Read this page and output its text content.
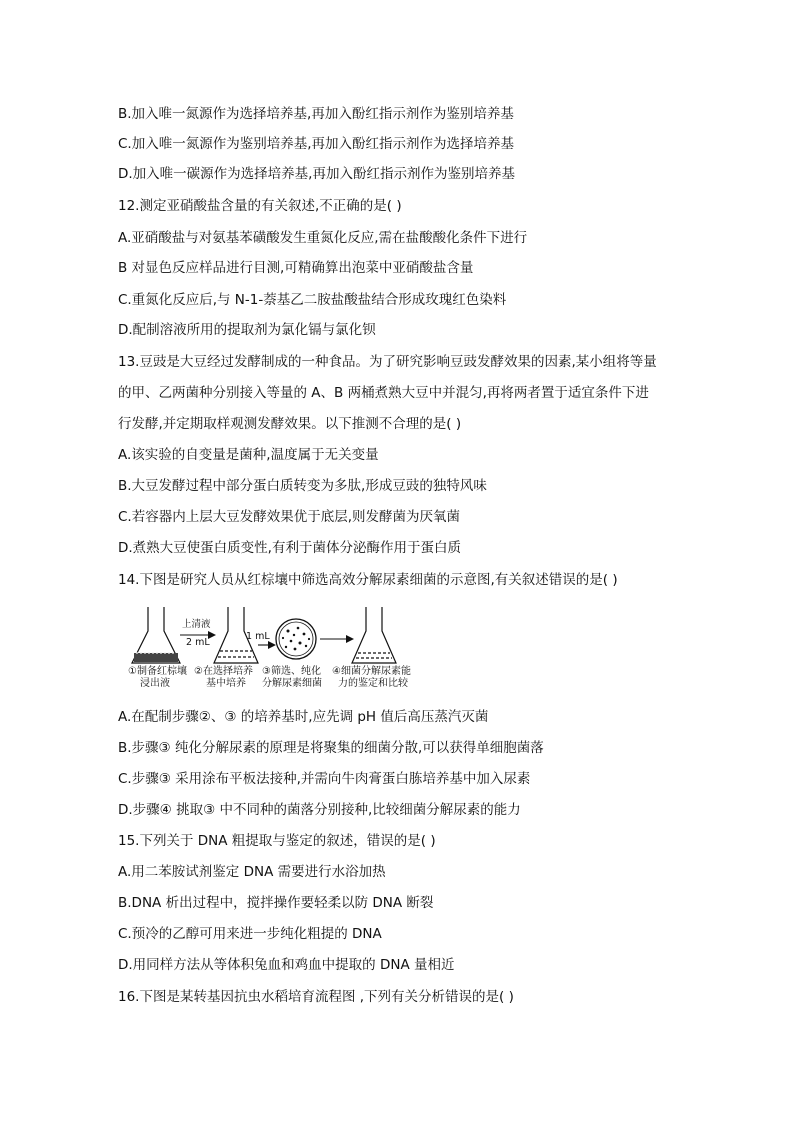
B.加入唯一氮源作为选择培养基,再加入酚红指示剂作为鉴别培养基
C.加入唯一氮源作为鉴别培养基,再加入酚红指示剂作为选择培养基
D.加入唯一碳源作为选择培养基,再加入酚红指示剂作为鉴别培养基
12.测定亚硝酸盐含量的有关叙述,不正确的是( )
A.亚硝酸盐与对氨基苯磺酸发生重氮化反应,需在盐酸酸化条件下进行
B 对显色反应样品进行目测,可精确算出泡菜中亚硝酸盐含量
C.重氮化反应后,与 N-1-萘基乙二胺盐酸盐结合形成玫瑰红色染料
D.配制溶液所用的提取剂为氯化镉与氯化钡
13.豆豉是大豆经过发酵制成的一种食品。为了研究影响豆豉发酵效果的因素,某小组将等量
的甲、乙两菌种分别接入等量的 A、B 两桶煮熟大豆中并混匀,再将两者置于适宜条件下进
行发酵,并定期取样观测发酵效果。以下推测不合理的是( )
A.该实验的自变量是菌种,温度属于无关变量
B.大豆发酵过程中部分蛋白质转变为多肽,形成豆豉的独特风味
C.若容器内上层大豆发酵效果优于底层,则发酵菌为厌氧菌
D.煮熟大豆使蛋白质变性,有利于菌体分泌酶作用于蛋白质
14.下图是研究人员从红棕壤中筛选高效分解尿素细菌的示意图,有关叙述错误的是( )
A.在配制步骤②、③ 的培养基时,应先调 pH 值后高压蒸汽灭菌
B.步骤③ 纯化分解尿素的原理是将聚集的细菌分散,可以获得单细胞菌落
C.步骤③ 采用涂布平板法接种,并需向牛肉膏蛋白胨培养基中加入尿素
D.步骤④ 挑取③ 中不同种的菌落分别接种,比较细菌分解尿素的能力
15.下列关于 DNA 粗提取与鉴定的叙述，错误的是( )
A.用二苯胺试剂鉴定 DNA 需要进行水浴加热
B.DNA 析出过程中，搅拌操作要轻柔以防 DNA 断裂
C.预冷的乙醇可用来进一步纯化粗提的 DNA
D.用同样方法从等体积兔血和鸡血中提取的 DNA 量相近
16.下图是某转基因抗虫水稻培育流程图 ,下列有关分析错误的是( )
上清液
2 mL
1 mL
①制备红棕壤
浸出液
②在选择培养
基中培养
③筛选、纯化
分解尿素细菌
④细菌分解尿素能
力的鉴定和比较
